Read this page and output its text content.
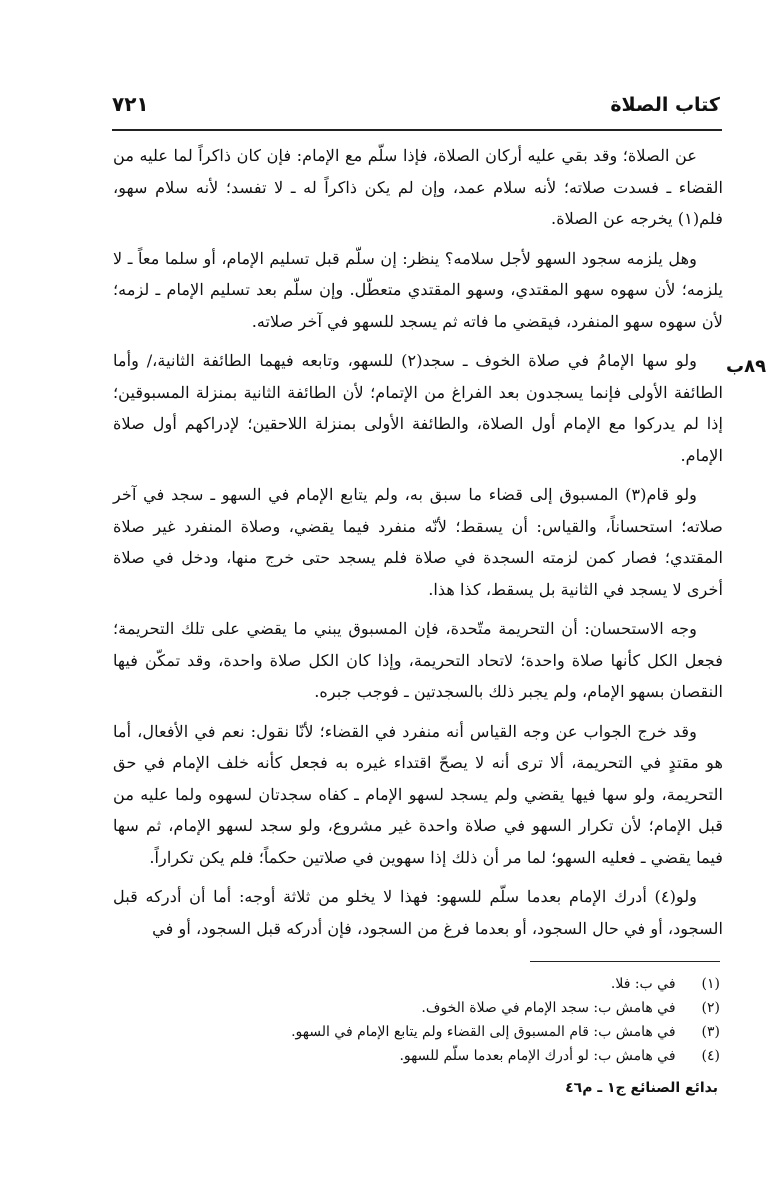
كتاب الصلاة
٧٢١
٨٩ب

عن الصلاة؛ وقد بقي عليه أركان الصلاة، فإذا سلّم مع الإمام: فإن كان ذاكراً لما عليه من القضاء ـ فسدت صلاته؛ لأنه سلام عمد، وإن لم يكن ذاكراً له ـ لا تفسد؛ لأنه سلام سهو، فلم(١) يخرجه عن الصلاة.

وهل يلزمه سجود السهو لأجل سلامه؟ ينظر: إن سلّم قبل تسليم الإمام، أو سلما معاً ـ لا يلزمه؛ لأن سهوه سهو المقتدي، وسهو المقتدي متعطّل. وإن سلّم بعد تسليم الإمام ـ لزمه؛ لأن سهوه سهو المنفرد، فيقضي ما فاته ثم يسجد للسهو في آخر صلاته.

ولو سها الإمامُ في صلاة الخوف ـ سجد(٢) للسهو، وتابعه فيهما الطائفة الثانية،/ وأما الطائفة الأولى فإنما يسجدون بعد الفراغ من الإتمام؛ لأن الطائفة الثانية بمنزلة المسبوقين؛ إذا لم يدركوا مع الإمام أول الصلاة، والطائفة الأولى بمنزلة اللاحقين؛ لإدراكهم أول صلاة الإمام.

ولو قام(٣) المسبوق إلى قضاء ما سبق به، ولم يتابع الإمام في السهو ـ سجد في آخر صلاته؛ استحساناً، والقياس: أن يسقط؛ لأنّه منفرد فيما يقضي، وصلاة المنفرد غير صلاة المقتدي؛ فصار كمن لزمته السجدة في صلاة فلم يسجد حتى خرج منها، ودخل في صلاة أخرى لا يسجد في الثانية بل يسقط، كذا هذا.

وجه الاستحسان: أن التحريمة متّحدة، فإن المسبوق يبني ما يقضي على تلك التحريمة؛ فجعل الكل كأنها صلاة واحدة؛ لاتحاد التحريمة، وإذا كان الكل صلاة واحدة، وقد تمكّن فيها النقصان بسهو الإمام، ولم يجبر ذلك بالسجدتين ـ فوجب جبره.

وقد خرج الجواب عن وجه القياس أنه منفرد في القضاء؛ لأنّا نقول: نعم في الأفعال، أما هو مقتدٍ في التحريمة، ألا ترى أنه لا يصحّ اقتداء غيره به فجعل كأنه خلف الإمام في حق التحريمة، ولو سها فيها يقضي ولم يسجد لسهو الإمام ـ كفاه سجدتان لسهوه ولما عليه من قبل الإمام؛ لأن تكرار السهو في صلاة واحدة غير مشروع، ولو سجد لسهو الإمام، ثم سها فيما يقضي ـ فعليه السهو؛ لما مر أن ذلك إذا سهوين في صلاتين حكماً؛ فلم يكن تكراراً.

ولو(٤) أدرك الإمام بعدما سلّم للسهو: فهذا لا يخلو من ثلاثة أوجه: أما أن أدركه قبل السجود، أو في حال السجود، أو بعدما فرغ من السجود، فإن أدركه قبل السجود، أو في

(١) في ب: فلا.
(٢) في هامش ب: سجد الإمام في صلاة الخوف.
(٣) في هامش ب: قام المسبوق إلى القضاء ولم يتابع الإمام في السهو.
(٤) في هامش ب: لو أدرك الإمام بعدما سلّم للسهو.
بدائع الصنائع ج١ ـ م٤٦
